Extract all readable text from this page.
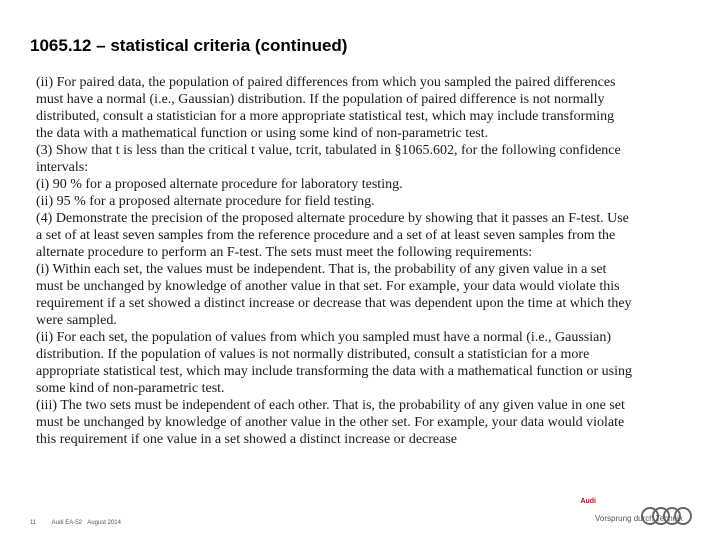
1065.12 – statistical criteria (continued)

(ii) For paired data, the population of paired differences from which you sampled the paired differences must have a normal (i.e., Gaussian) distribution. If the population of paired difference is not normally distributed, consult a statistician for a more appropriate statistical test, which may include transforming the data with a mathematical function or using some kind of non-parametric test.

(3) Show that t is less than the critical t value, tcrit, tabulated in §1065.602, for the following confidence intervals:

(i) 90 % for a proposed alternate procedure for laboratory testing.

(ii) 95 % for a proposed alternate procedure for field testing.

(4) Demonstrate the precision of the proposed alternate procedure by showing that it passes an F-test. Use a set of at least seven samples from the reference procedure and a set of at least seven samples from the alternate procedure to perform an F-test. The sets must meet the following requirements:

(i) Within each set, the values must be independent. That is, the probability of any given value in a set must be unchanged by knowledge of another value in that set. For example, your data would violate this requirement if a set showed a distinct increase or decrease that was dependent upon the time at which they were sampled.

(ii) For each set, the population of values from which you sampled must have a normal (i.e., Gaussian) distribution. If the population of values is not normally distributed, consult a statistician for a more appropriate statistical test, which may include transforming the data with a mathematical function or using some kind of non-parametric test.

(iii) The two sets must be independent of each other. That is, the probability of any given value in one set must be unchanged by knowledge of another value in the other set. For example, your data would violate this requirement if one value in a set showed a distinct increase or decrease

11	Audi EA-52 August 2014
Audi
Vorsprung durch Technik
